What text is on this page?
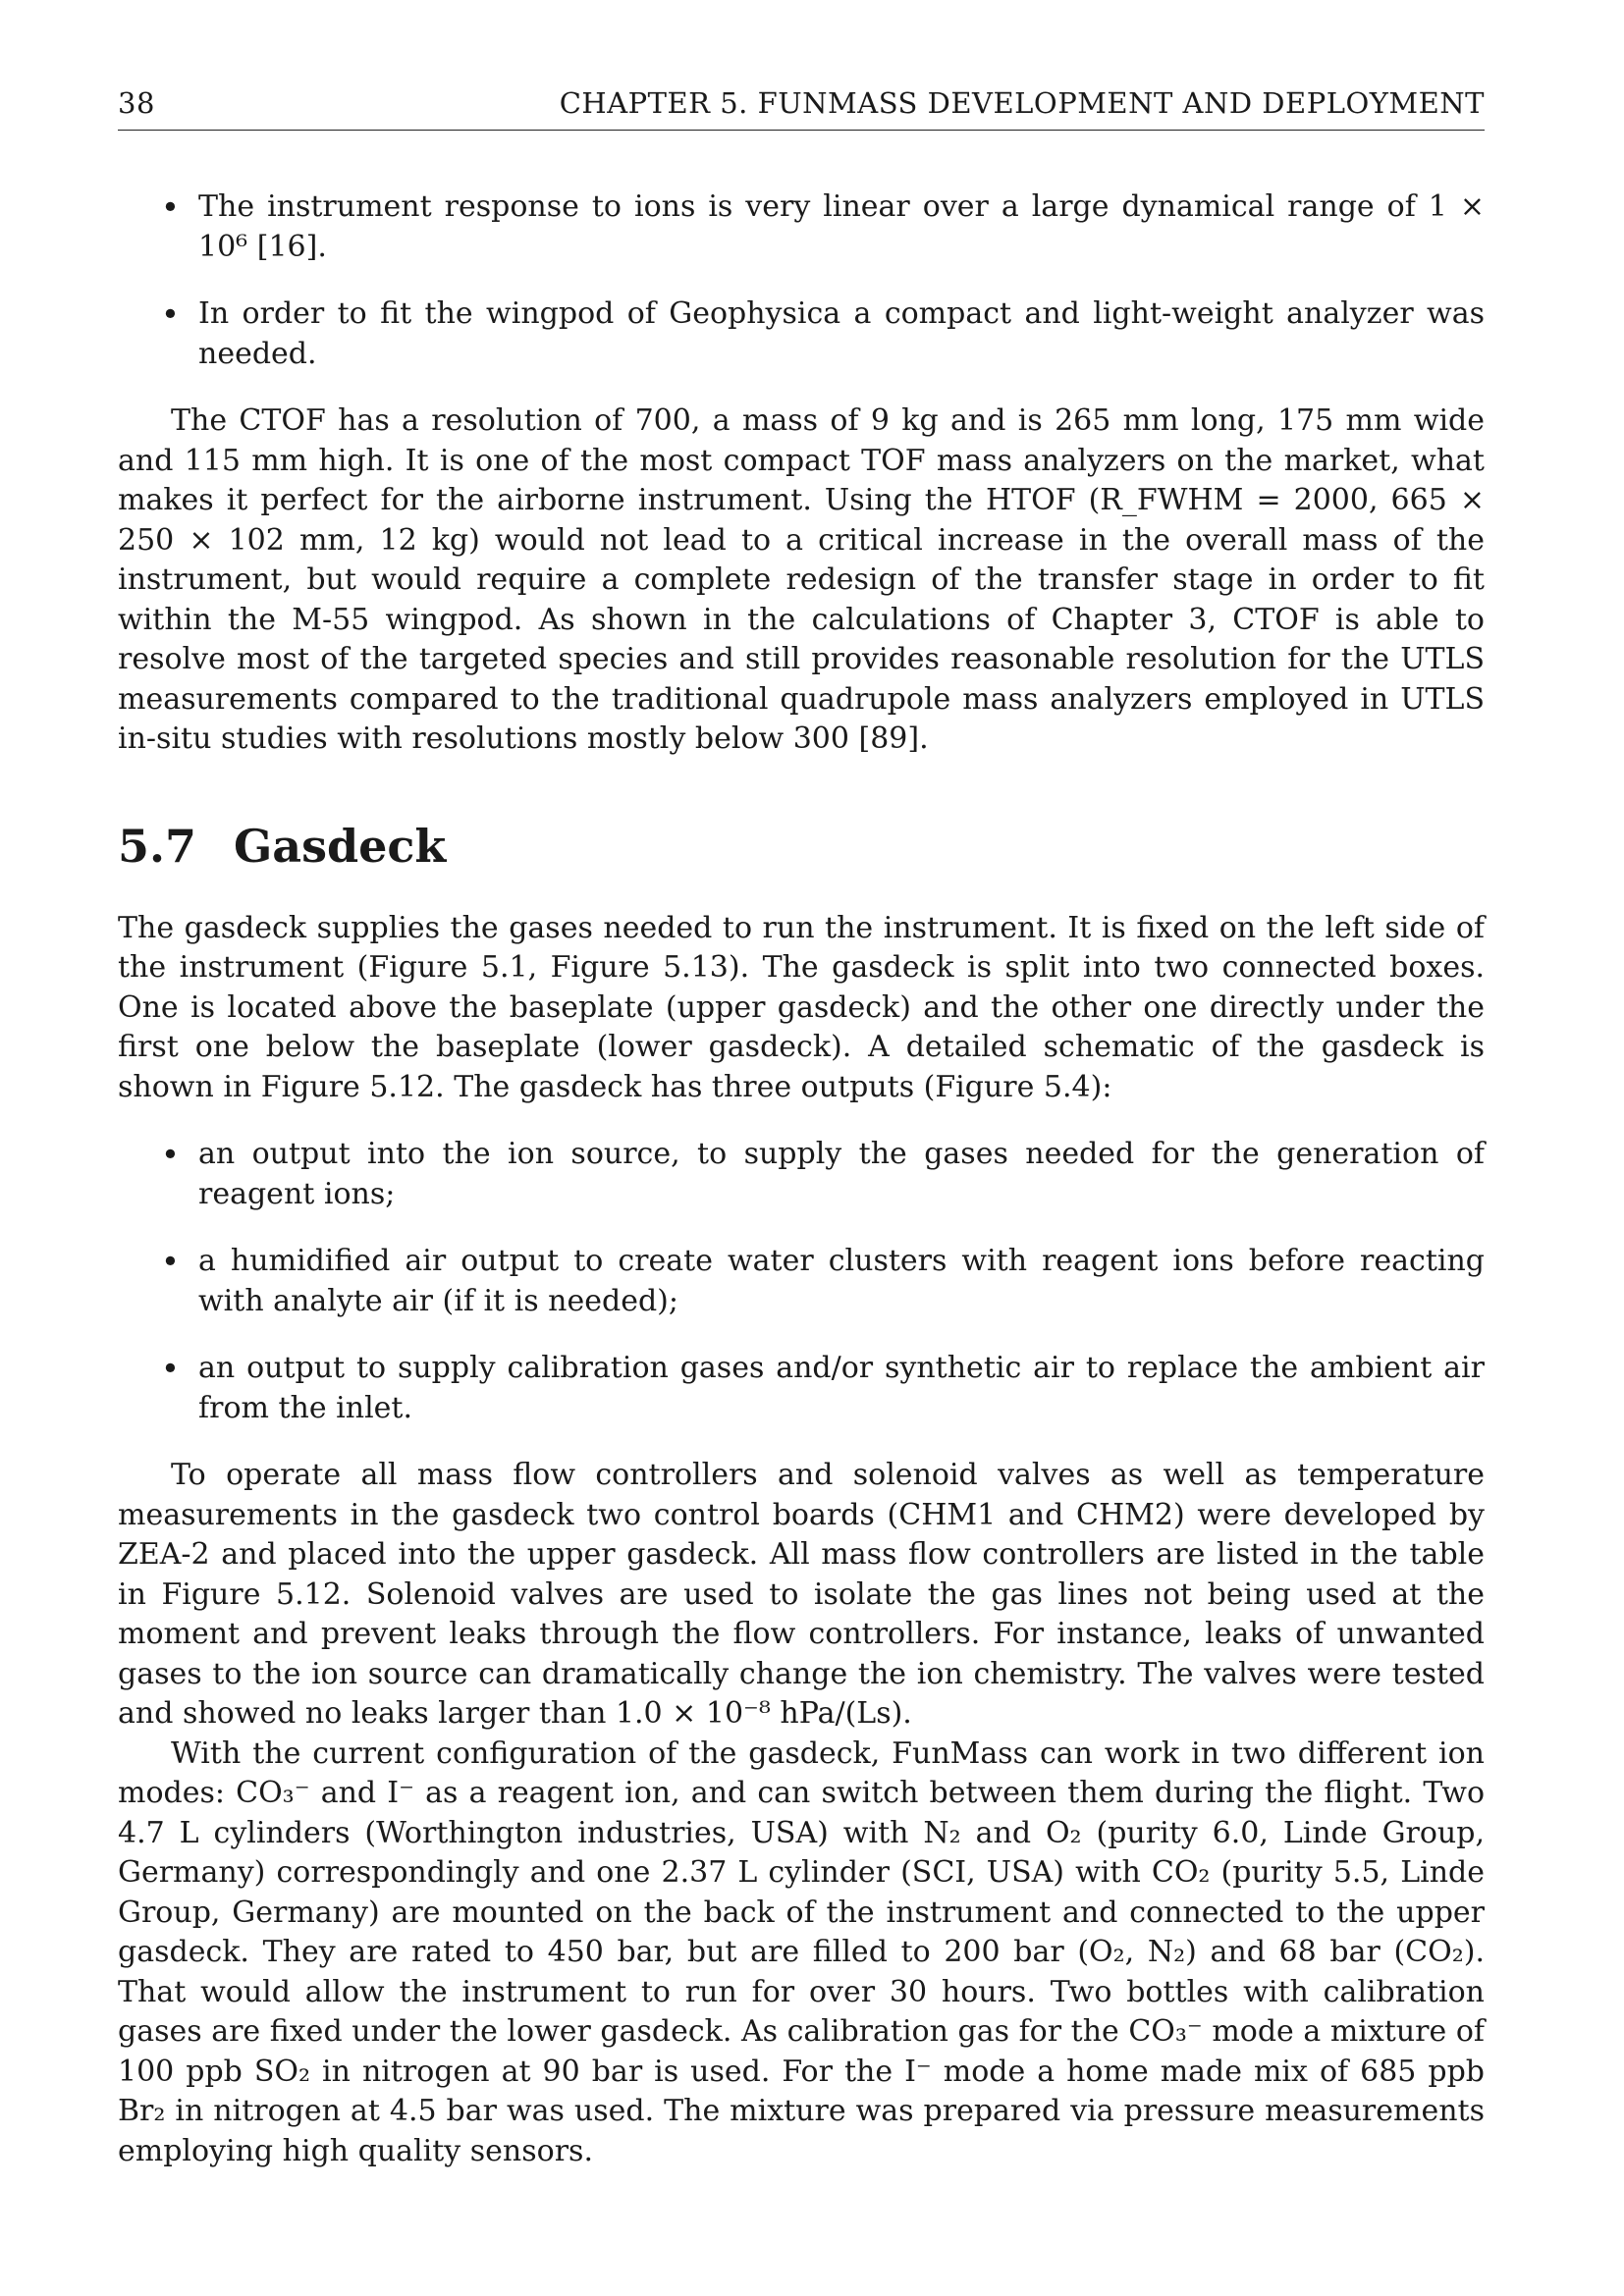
38	CHAPTER 5. FUNMASS DEVELOPMENT AND DEPLOYMENT
• The instrument response to ions is very linear over a large dynamical range of 1 × 10⁶ [16].
• In order to fit the wingpod of Geophysica a compact and light-weight analyzer was needed.

The CTOF has a resolution of 700, a mass of 9 kg and is 265 mm long, 175 mm wide and 115 mm high. It is one of the most compact TOF mass analyzers on the market, what makes it perfect for the airborne instrument. Using the HTOF (R_FWHM = 2000, 665 × 250 × 102 mm, 12 kg) would not lead to a critical increase in the overall mass of the instrument, but would require a complete redesign of the transfer stage in order to fit within the M-55 wingpod. As shown in the calculations of Chapter 3, CTOF is able to resolve most of the targeted species and still provides reasonable resolution for the UTLS measurements compared to the traditional quadrupole mass analyzers employed in UTLS in-situ studies with resolutions mostly below 300 [89].

5.7 Gasdeck

The gasdeck supplies the gases needed to run the instrument. It is fixed on the left side of the instrument (Figure 5.1, Figure 5.13). The gasdeck is split into two connected boxes. One is located above the baseplate (upper gasdeck) and the other one directly under the first one below the baseplate (lower gasdeck). A detailed schematic of the gasdeck is shown in Figure 5.12. The gasdeck has three outputs (Figure 5.4):

• an output into the ion source, to supply the gases needed for the generation of reagent ions;
• a humidified air output to create water clusters with reagent ions before reacting with analyte air (if it is needed);
• an output to supply calibration gases and/or synthetic air to replace the ambient air from the inlet.

To operate all mass flow controllers and solenoid valves as well as temperature measurements in the gasdeck two control boards (CHM1 and CHM2) were developed by ZEA-2 and placed into the upper gasdeck. All mass flow controllers are listed in the table in Figure 5.12. Solenoid valves are used to isolate the gas lines not being used at the moment and prevent leaks through the flow controllers. For instance, leaks of unwanted gases to the ion source can dramatically change the ion chemistry. The valves were tested and showed no leaks larger than 1.0 × 10⁻⁸ hPa/(Ls).

With the current configuration of the gasdeck, FunMass can work in two different ion modes: CO₃⁻ and I⁻ as a reagent ion, and can switch between them during the flight. Two 4.7 L cylinders (Worthington industries, USA) with N₂ and O₂ (purity 6.0, Linde Group, Germany) correspondingly and one 2.37 L cylinder (SCI, USA) with CO₂ (purity 5.5, Linde Group, Germany) are mounted on the back of the instrument and connected to the upper gasdeck. They are rated to 450 bar, but are filled to 200 bar (O₂, N₂) and 68 bar (CO₂). That would allow the instrument to run for over 30 hours. Two bottles with calibration gases are fixed under the lower gasdeck. As calibration gas for the CO₃⁻ mode a mixture of 100 ppb SO₂ in nitrogen at 90 bar is used. For the I⁻ mode a home made mix of 685 ppb Br₂ in nitrogen at 4.5 bar was used. The mixture was prepared via pressure measurements employing high quality sensors.
